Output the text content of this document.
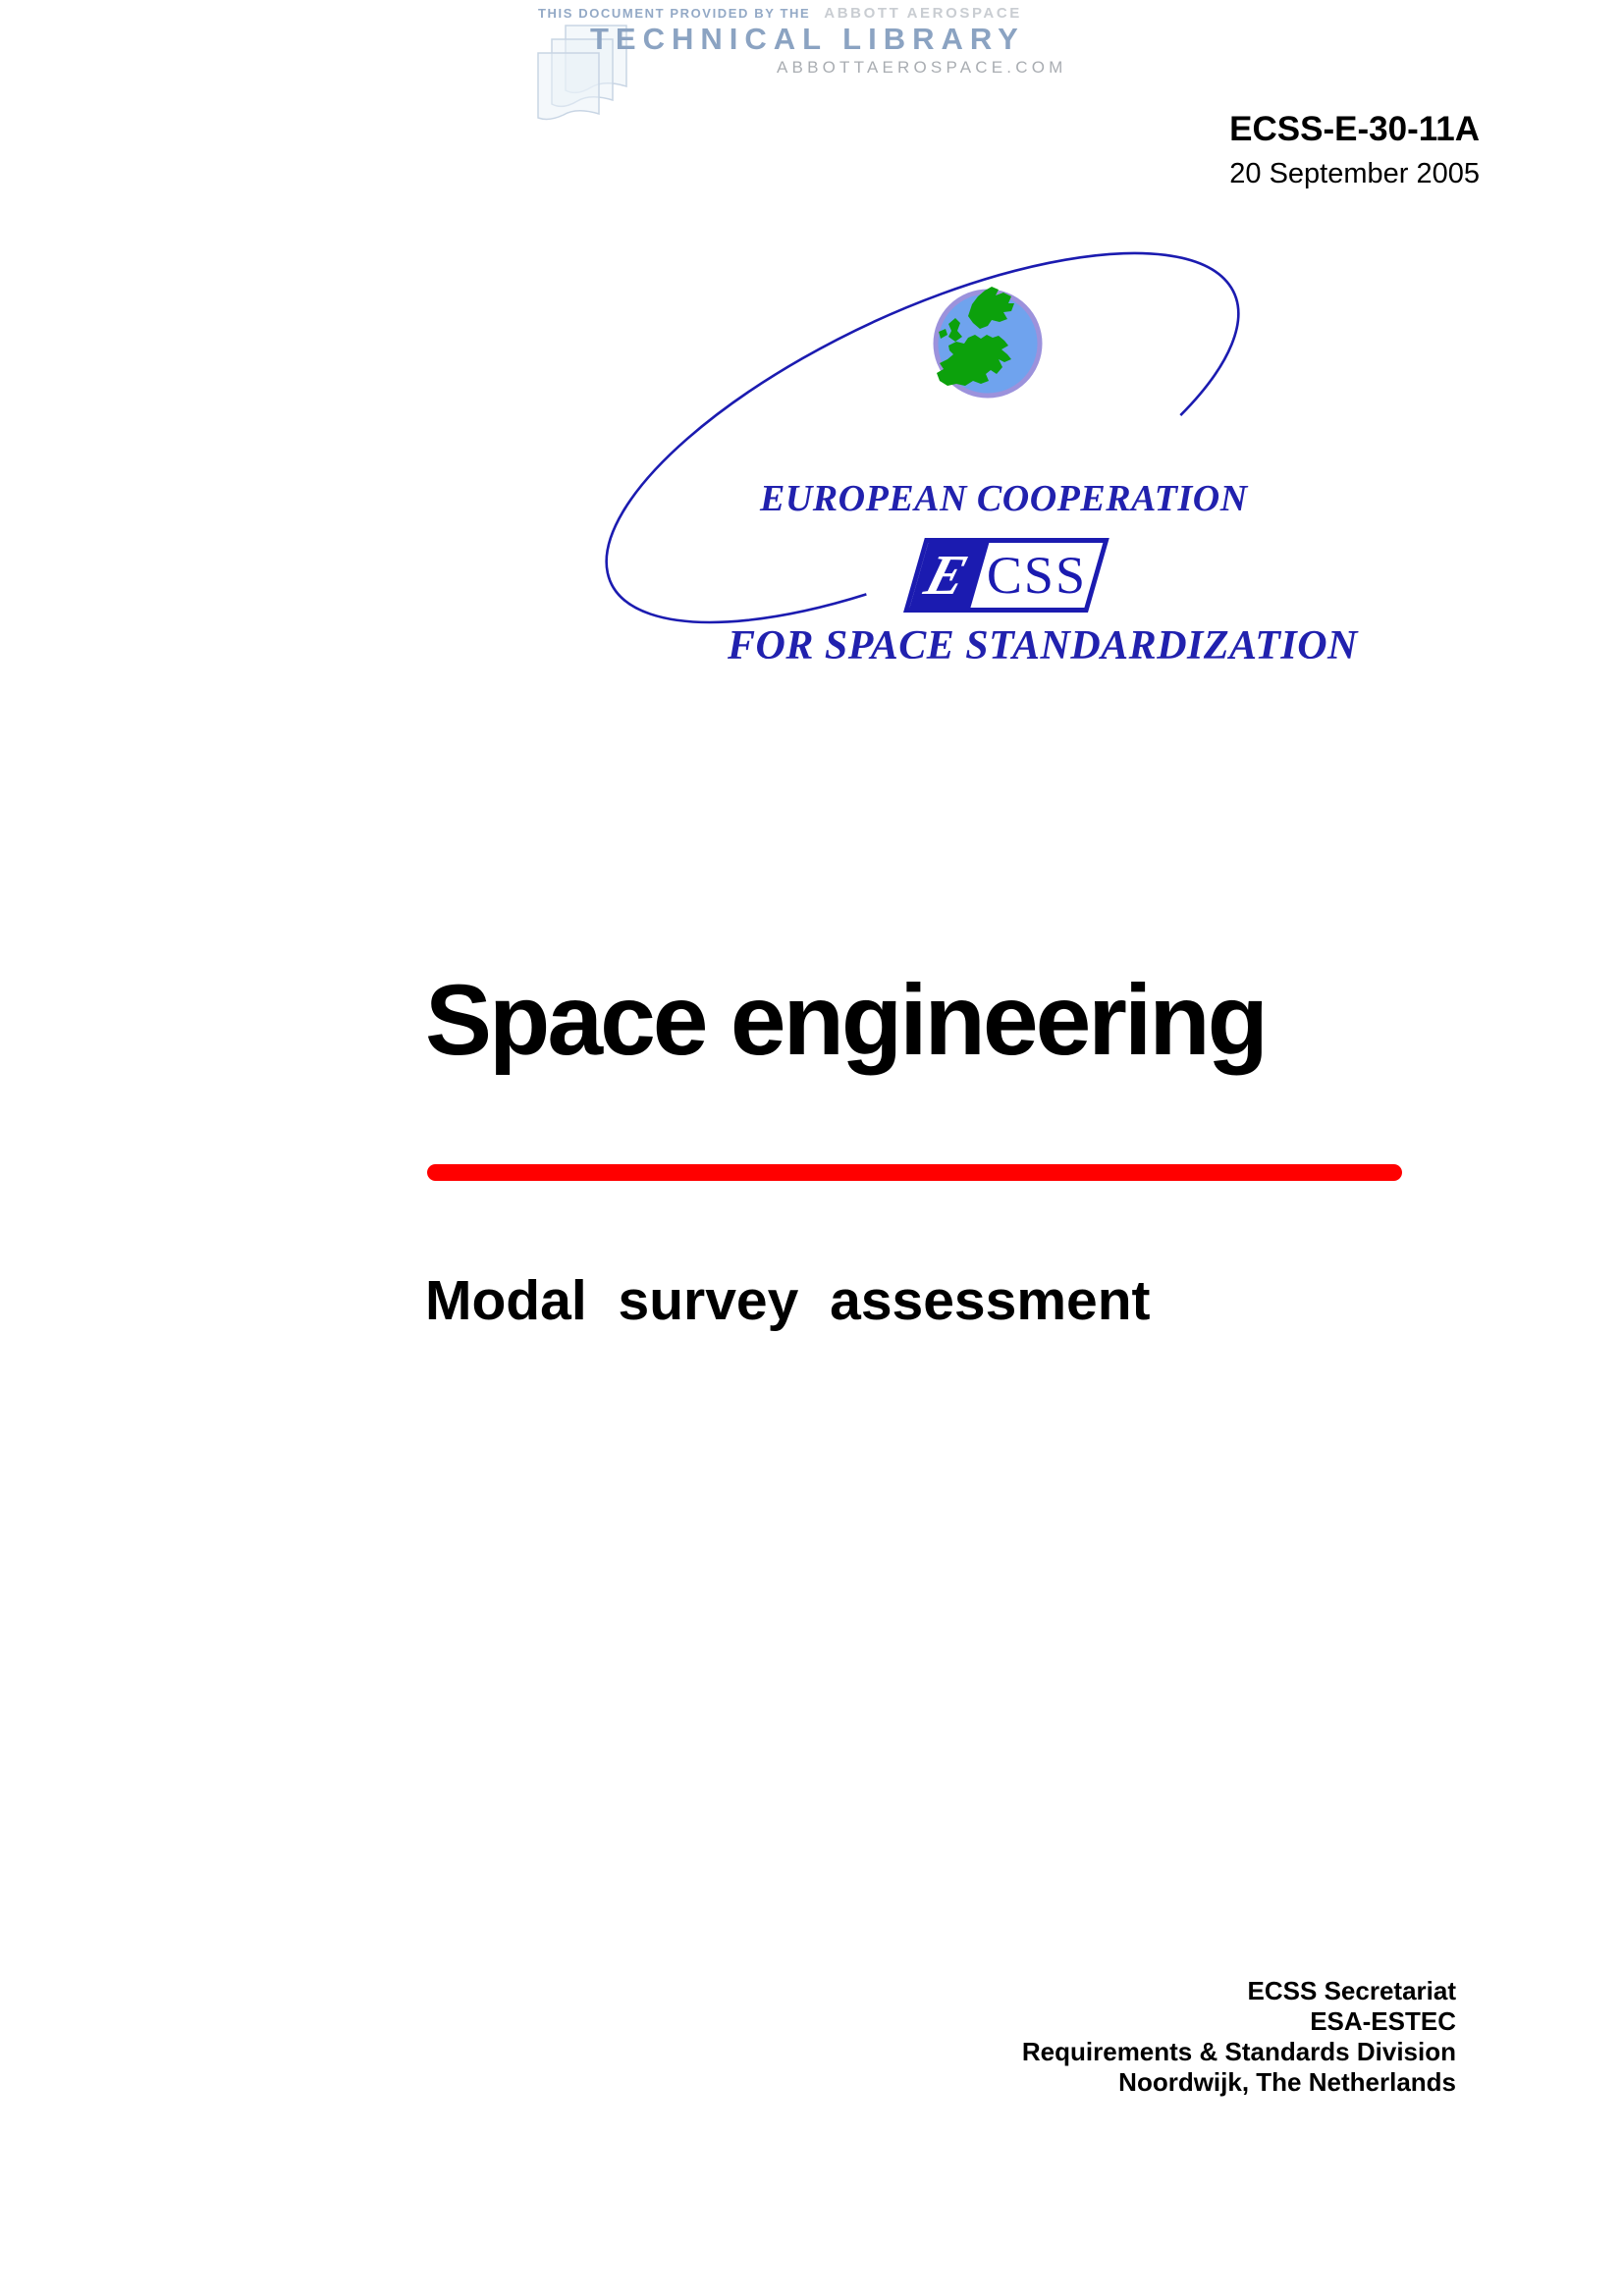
THIS DOCUMENT PROVIDED BY THE ABBOTT AEROSPACE
TECHNICAL LIBRARY
ABBOTTAEROSPACE.COM
ECSS-E-30-11A
20 September 2005
EUROPEAN COOPERATION
E CSS
FOR SPACE STANDARDIZATION
Space engineering
Modal survey assessment
ECSS Secretariat
ESA-ESTEC
Requirements & Standards Division
Noordwijk, The Netherlands
